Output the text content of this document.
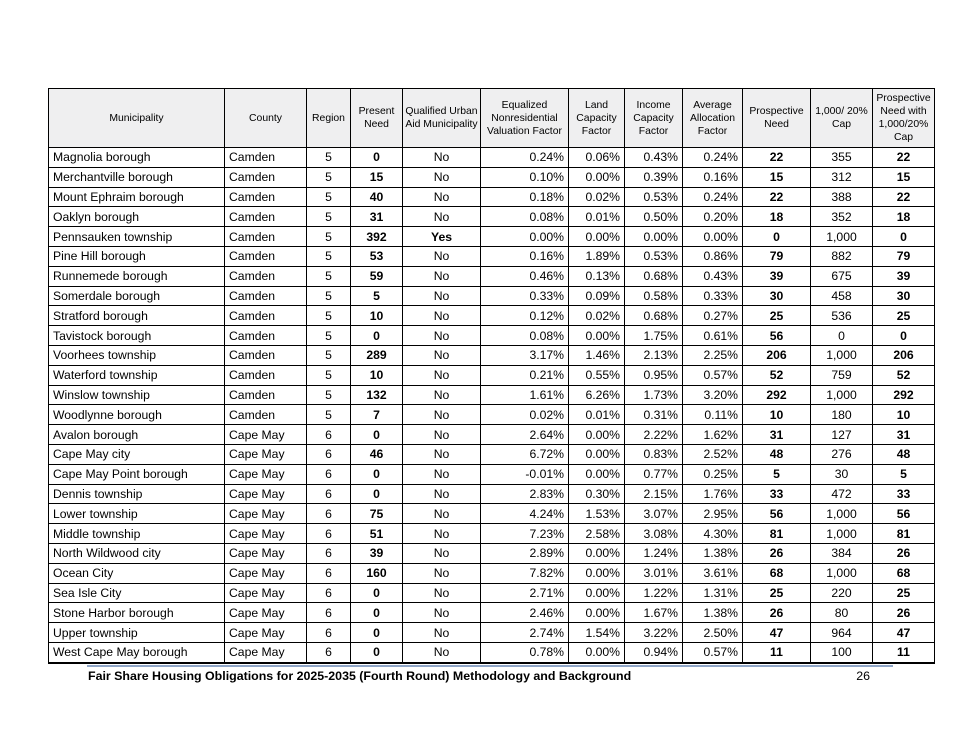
Municipality	County	Region	Present Need	Qualified Urban Aid Municipality	Equalized Nonresidential Valuation Factor	Land Capacity Factor	Income Capacity Factor	Average Allocation Factor	Prospective Need	1,000/ 20% Cap	Prospective Need with 1,000/20% Cap
Magnolia borough	Camden	5	0	No	0.24%	0.06%	0.43%	0.24%	22	355	22
Merchantville borough	Camden	5	15	No	0.10%	0.00%	0.39%	0.16%	15	312	15
Mount Ephraim borough	Camden	5	40	No	0.18%	0.02%	0.53%	0.24%	22	388	22
Oaklyn borough	Camden	5	31	No	0.08%	0.01%	0.50%	0.20%	18	352	18
Pennsauken township	Camden	5	392	Yes	0.00%	0.00%	0.00%	0.00%	0	1,000	0
Pine Hill borough	Camden	5	53	No	0.16%	1.89%	0.53%	0.86%	79	882	79
Runnemede borough	Camden	5	59	No	0.46%	0.13%	0.68%	0.43%	39	675	39
Somerdale borough	Camden	5	5	No	0.33%	0.09%	0.58%	0.33%	30	458	30
Stratford borough	Camden	5	10	No	0.12%	0.02%	0.68%	0.27%	25	536	25
Tavistock borough	Camden	5	0	No	0.08%	0.00%	1.75%	0.61%	56	0	0
Voorhees township	Camden	5	289	No	3.17%	1.46%	2.13%	2.25%	206	1,000	206
Waterford township	Camden	5	10	No	0.21%	0.55%	0.95%	0.57%	52	759	52
Winslow township	Camden	5	132	No	1.61%	6.26%	1.73%	3.20%	292	1,000	292
Woodlynne borough	Camden	5	7	No	0.02%	0.01%	0.31%	0.11%	10	180	10
Avalon borough	Cape May	6	0	No	2.64%	0.00%	2.22%	1.62%	31	127	31
Cape May city	Cape May	6	46	No	6.72%	0.00%	0.83%	2.52%	48	276	48
Cape May Point borough	Cape May	6	0	No	-0.01%	0.00%	0.77%	0.25%	5	30	5
Dennis township	Cape May	6	0	No	2.83%	0.30%	2.15%	1.76%	33	472	33
Lower township	Cape May	6	75	No	4.24%	1.53%	3.07%	2.95%	56	1,000	56
Middle township	Cape May	6	51	No	7.23%	2.58%	3.08%	4.30%	81	1,000	81
North Wildwood city	Cape May	6	39	No	2.89%	0.00%	1.24%	1.38%	26	384	26
Ocean City	Cape May	6	160	No	7.82%	0.00%	3.01%	3.61%	68	1,000	68
Sea Isle City	Cape May	6	0	No	2.71%	0.00%	1.22%	1.31%	25	220	25
Stone Harbor borough	Cape May	6	0	No	2.46%	0.00%	1.67%	1.38%	26	80	26
Upper township	Cape May	6	0	No	2.74%	1.54%	3.22%	2.50%	47	964	47
West Cape May borough	Cape May	6	0	No	0.78%	0.00%	0.94%	0.57%	11	100	11
Fair Share Housing Obligations for 2025-2035 (Fourth Round) Methodology and Background	26
